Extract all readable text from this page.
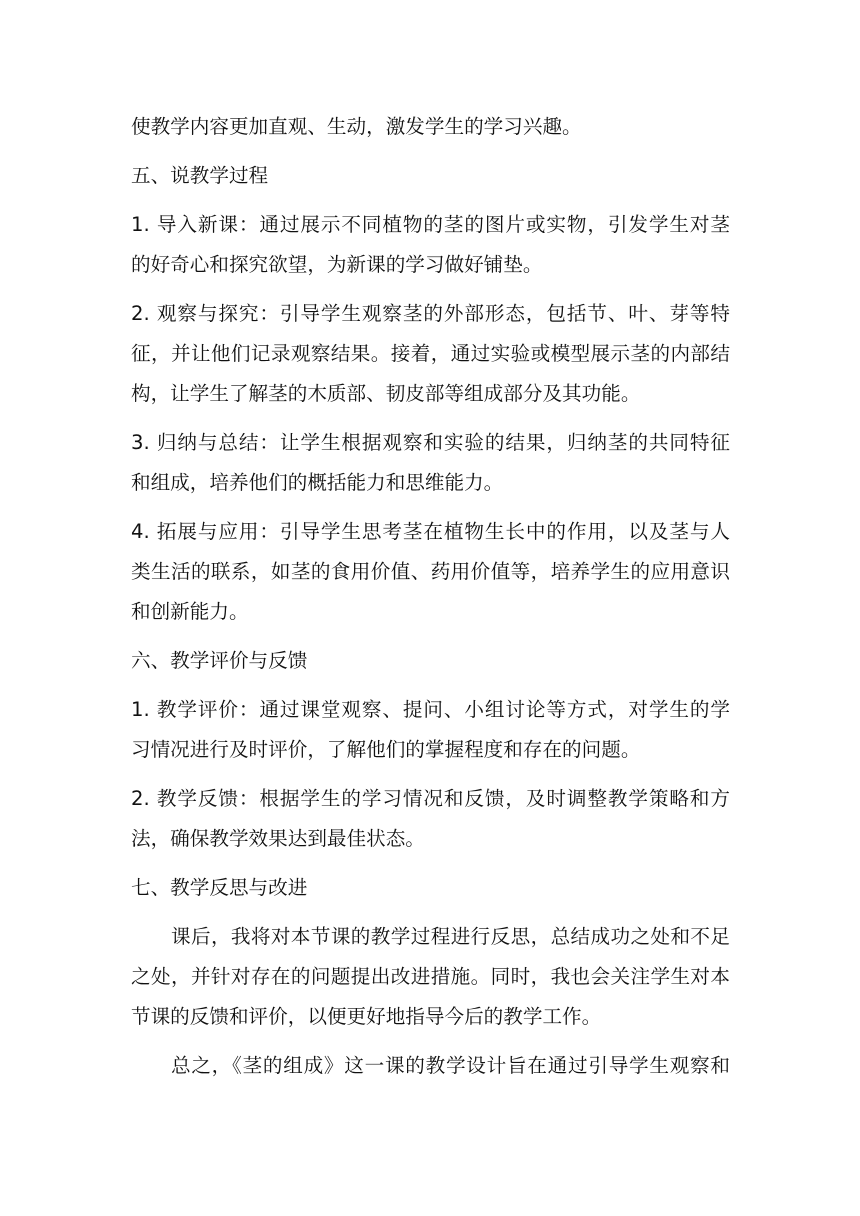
使教学内容更加直观、生动，激发学生的学习兴趣。
五、说教学过程
1. 导入新课：通过展示不同植物的茎的图片或实物，引发学生对茎
的好奇心和探究欲望，为新课的学习做好铺垫。
2. 观察与探究：引导学生观察茎的外部形态，包括节、叶、芽等特
征，并让他们记录观察结果。接着，通过实验或模型展示茎的内部结
构，让学生了解茎的木质部、韧皮部等组成部分及其功能。
3. 归纳与总结：让学生根据观察和实验的结果，归纳茎的共同特征
和组成，培养他们的概括能力和思维能力。
4. 拓展与应用：引导学生思考茎在植物生长中的作用，以及茎与人
类生活的联系，如茎的食用价值、药用价值等，培养学生的应用意识
和创新能力。
六、教学评价与反馈
1. 教学评价：通过课堂观察、提问、小组讨论等方式，对学生的学
习情况进行及时评价，了解他们的掌握程度和存在的问题。
2. 教学反馈：根据学生的学习情况和反馈，及时调整教学策略和方
法，确保教学效果达到最佳状态。
七、教学反思与改进
课后，我将对本节课的教学过程进行反思，总结成功之处和不足
之处，并针对存在的问题提出改进措施。同时，我也会关注学生对本
节课的反馈和评价，以便更好地指导今后的教学工作。
总之，《茎的组成》这一课的教学设计旨在通过引导学生观察和
